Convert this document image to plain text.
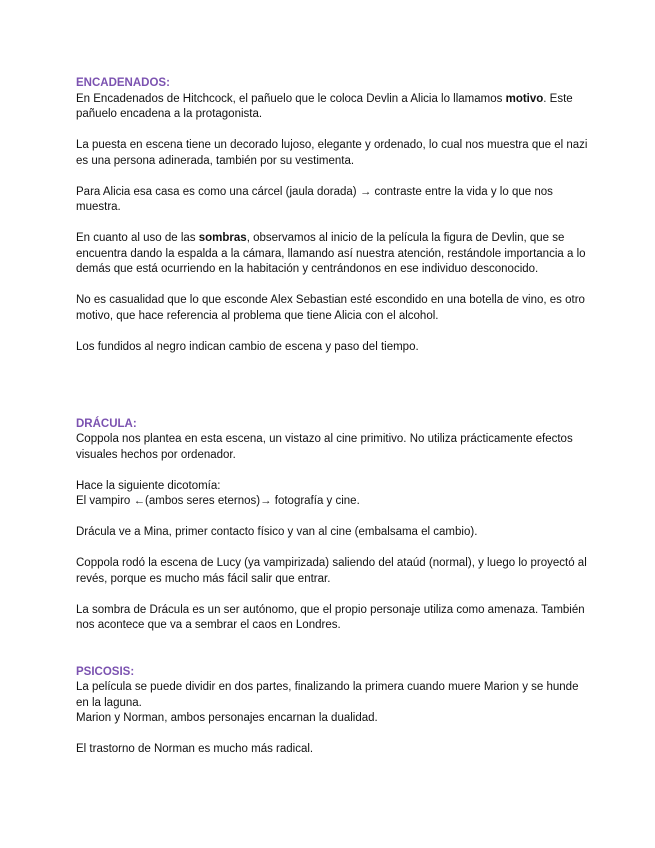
ENCADENADOS:

En Encadenados de Hitchcock, el pañuelo que le coloca Devlin a Alicia lo llamamos motivo. Este pañuelo encadena a la protagonista.

La puesta en escena tiene un decorado lujoso, elegante y ordenado, lo cual nos muestra que el nazi es una persona adinerada, también por su vestimenta.

Para Alicia esa casa es como una cárcel (jaula dorada) → contraste entre la vida y lo que nos muestra.

En cuanto al uso de las sombras, observamos al inicio de la película la figura de Devlin, que se encuentra dando la espalda a la cámara, llamando así nuestra atención, restándole importancia a lo demás que está ocurriendo en la habitación y centrándonos en ese individuo desconocido.

No es casualidad que lo que esconde Alex Sebastian esté escondido en una botella de vino, es otro motivo, que hace referencia al problema que tiene Alicia con el alcohol.

Los fundidos al negro indican cambio de escena y paso del tiempo.

DRÁCULA:

Coppola nos plantea en esta escena, un vistazo al cine primitivo. No utiliza prácticamente efectos visuales hechos por ordenador.

Hace la siguiente dicotomía:
El vampiro ←(ambos seres eternos)→ fotografía y cine.

Drácula ve a Mina, primer contacto físico y van al cine (embalsama el cambio).

Coppola rodó la escena de Lucy (ya vampirizada) saliendo del ataúd (normal), y luego lo proyectó al revés, porque es mucho más fácil salir que entrar.

La sombra de Drácula es un ser autónomo, que el propio personaje utiliza como amenaza. También nos acontece que va a sembrar el caos en Londres.

PSICOSIS:

La película se puede dividir en dos partes, finalizando la primera cuando muere Marion y se hunde en la laguna.
Marion y Norman, ambos personajes encarnan la dualidad.

El trastorno de Norman es mucho más radical.
